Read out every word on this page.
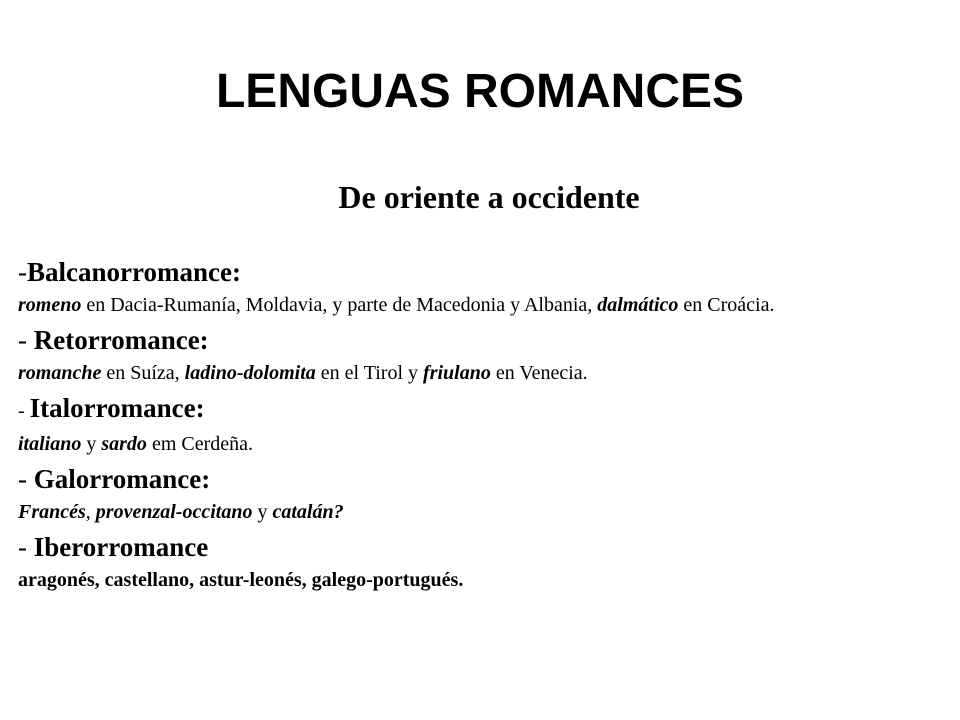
LENGUAS ROMANCES
De oriente a occidente
-Balcanorromance:
romeno en Dacia-Rumanía, Moldavia, y parte de Macedonia y Albania, dalmático en Croácia.
- Retorromance:
romanche en Suíza, ladino-dolomita en el Tirol y friulano en Venecia.
- Italorromance:
italiano y sardo em Cerdeña.
- Galorromance:
Francés, provenzal-occitano y catalán?
- Iberorromance
aragonés, castellano, astur-leonés, galego-portugués.
